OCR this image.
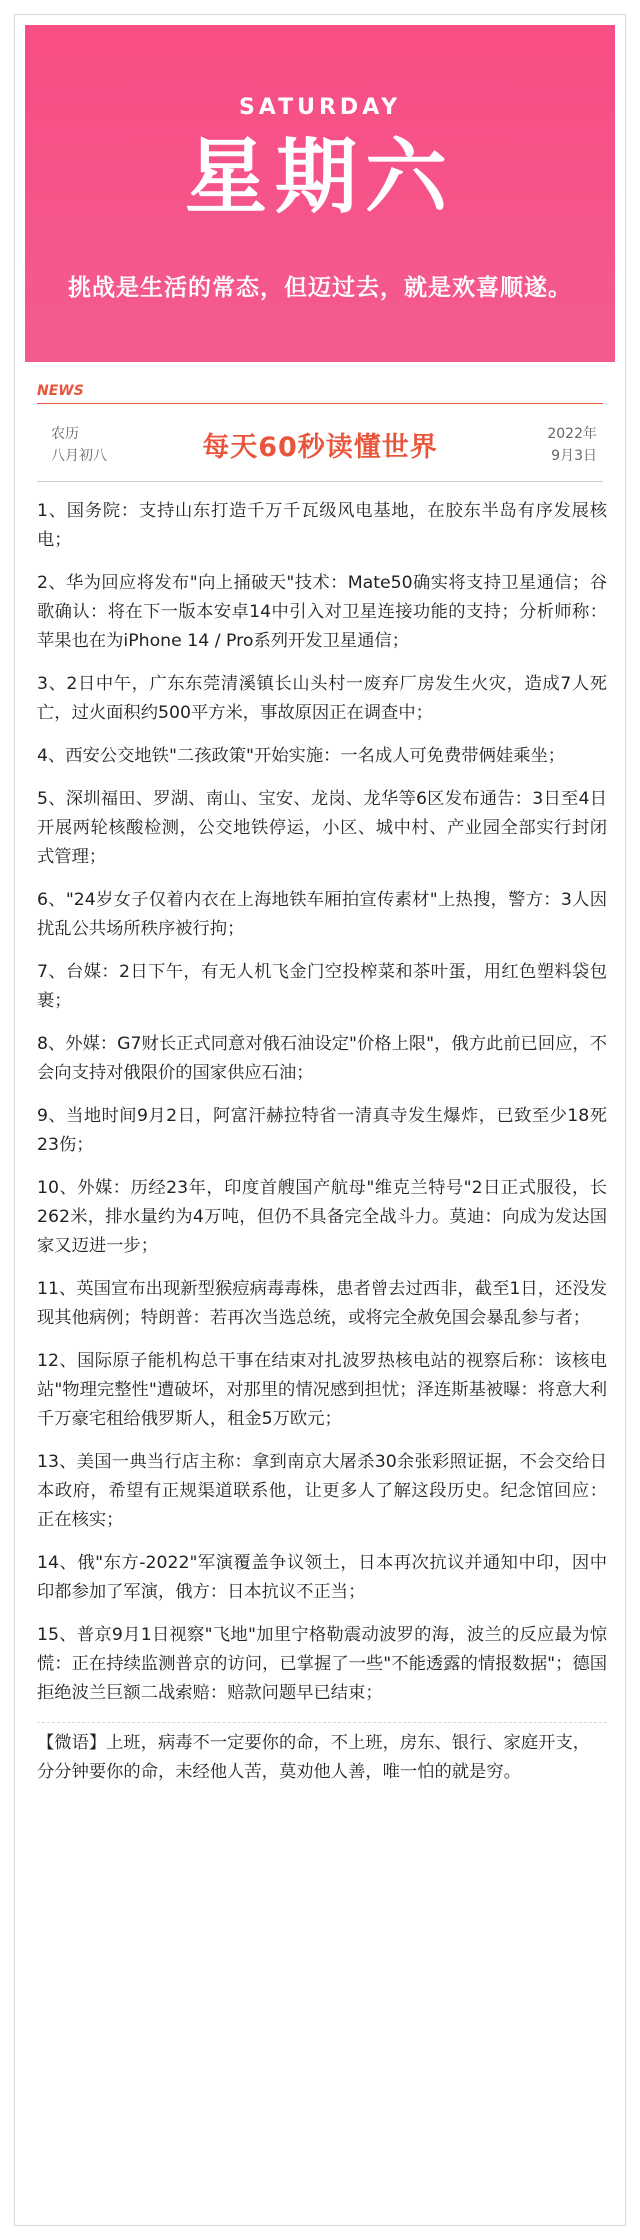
SATURDAY
星期六
挑战是生活的常态，但迈过去，就是欢喜顺遂。
NEWS
农历
八月初八	每天60秒读懂世界	2022年
9月3日

1、国务院：支持山东打造千万千瓦级风电基地，在胶东半岛有序发展核电；

2、华为回应将发布"向上捅破天"技术：Mate50确实将支持卫星通信；谷歌确认：将在下一版本安卓14中引入对卫星连接功能的支持；分析师称：苹果也在为iPhone 14 / Pro系列开发卫星通信；

3、2日中午，广东东莞清溪镇长山头村一废弃厂房发生火灾，造成7人死亡，过火面积约500平方米，事故原因正在调查中；

4、西安公交地铁"二孩政策"开始实施：一名成人可免费带俩娃乘坐；

5、深圳福田、罗湖、南山、宝安、龙岗、龙华等6区发布通告：3日至4日开展两轮核酸检测，公交地铁停运，小区、城中村、产业园全部实行封闭式管理；

6、"24岁女子仅着内衣在上海地铁车厢拍宣传素材"上热搜，警方：3人因扰乱公共场所秩序被行拘；

7、台媒：2日下午，有无人机飞金门空投榨菜和茶叶蛋，用红色塑料袋包裹；

8、外媒：G7财长正式同意对俄石油设定"价格上限"，俄方此前已回应，不会向支持对俄限价的国家供应石油；

9、当地时间9月2日，阿富汗赫拉特省一清真寺发生爆炸，已致至少18死23伤；

10、外媒：历经23年，印度首艘国产航母"维克兰特号"2日正式服役，长262米，排水量约为4万吨，但仍不具备完全战斗力。莫迪：向成为发达国家又迈进一步；

11、英国宣布出现新型猴痘病毒毒株，患者曾去过西非，截至1日，还没发现其他病例；特朗普：若再次当选总统，或将完全赦免国会暴乱参与者；

12、国际原子能机构总干事在结束对扎波罗热核电站的视察后称：该核电站"物理完整性"遭破坏，对那里的情况感到担忧；泽连斯基被曝：将意大利千万豪宅租给俄罗斯人，租金5万欧元；

13、美国一典当行店主称：拿到南京大屠杀30余张彩照证据，不会交给日本政府，希望有正规渠道联系他，让更多人了解这段历史。纪念馆回应：正在核实；

14、俄"东方-2022"军演覆盖争议领土，日本再次抗议并通知中印，因中印都参加了军演，俄方：日本抗议不正当；

15、普京9月1日视察"飞地"加里宁格勒震动波罗的海，波兰的反应最为惊慌：正在持续监测普京的访问，已掌握了一些"不能透露的情报数据"；德国拒绝波兰巨额二战索赔：赔款问题早已结束；

【微语】上班，病毒不一定要你的命，不上班，房东、银行、家庭开支，分分钟要你的命，未经他人苦，莫劝他人善，唯一怕的就是穷。
